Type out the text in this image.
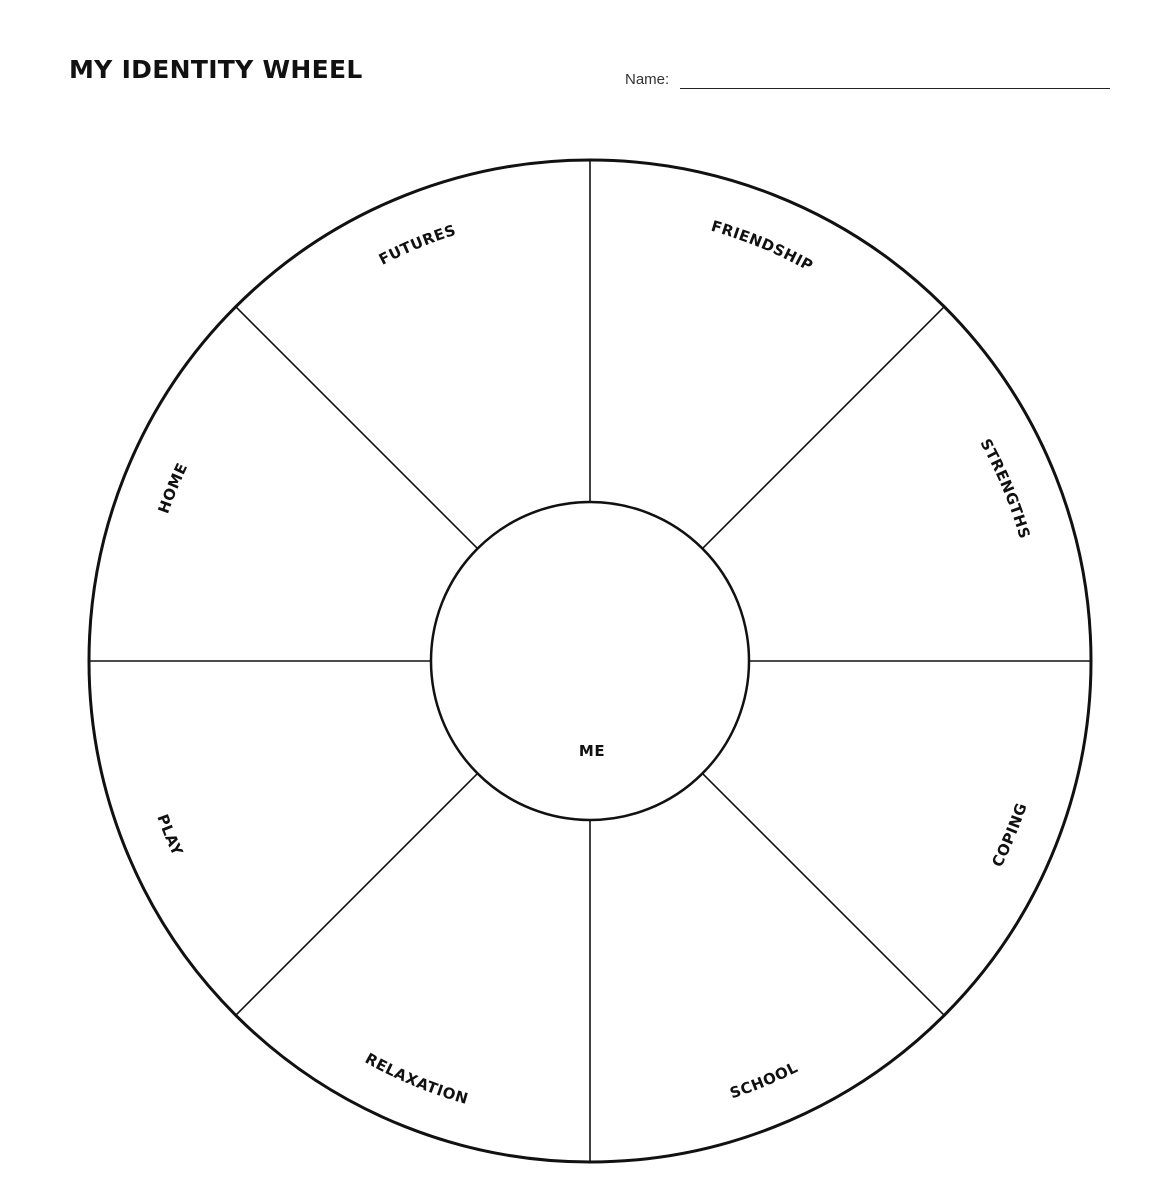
MY IDENTITY WHEEL	Name:
FRIENDSHIP
STRENGTHS
COPING
SCHOOL
RELAXATION
PLAY
HOME
FUTURES
ME
